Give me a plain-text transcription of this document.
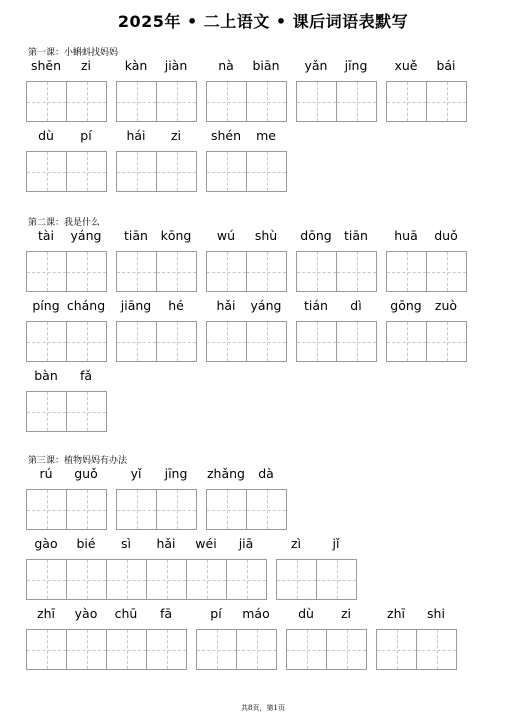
2025年 • 二上语文 • 课后词语表默写
第一课：小蝌蚪找妈妈
shēn	zi	kàn	jiàn	nà	biān	yǎn	jīng	xuě	bái
dù	pí	hái	zi	shén	me
第二课：我是什么
tài	yáng	tiān	kōng	wú	shù	dōng tiān	huā	duǒ
píng cháng	jiāng	hé	hǎi	yáng	tián	dì	gōng	zuò
bàn	fǎ
第三课：植物妈妈有办法
rú	guǒ	yǐ	jīng	zhǎng	dà
gào	bié	sì	hǎi	wéi	jiā	zì	jǐ
zhī	yào	chū	fā	pí	máo	dù	zi	zhī	shi
共8页，第1页
